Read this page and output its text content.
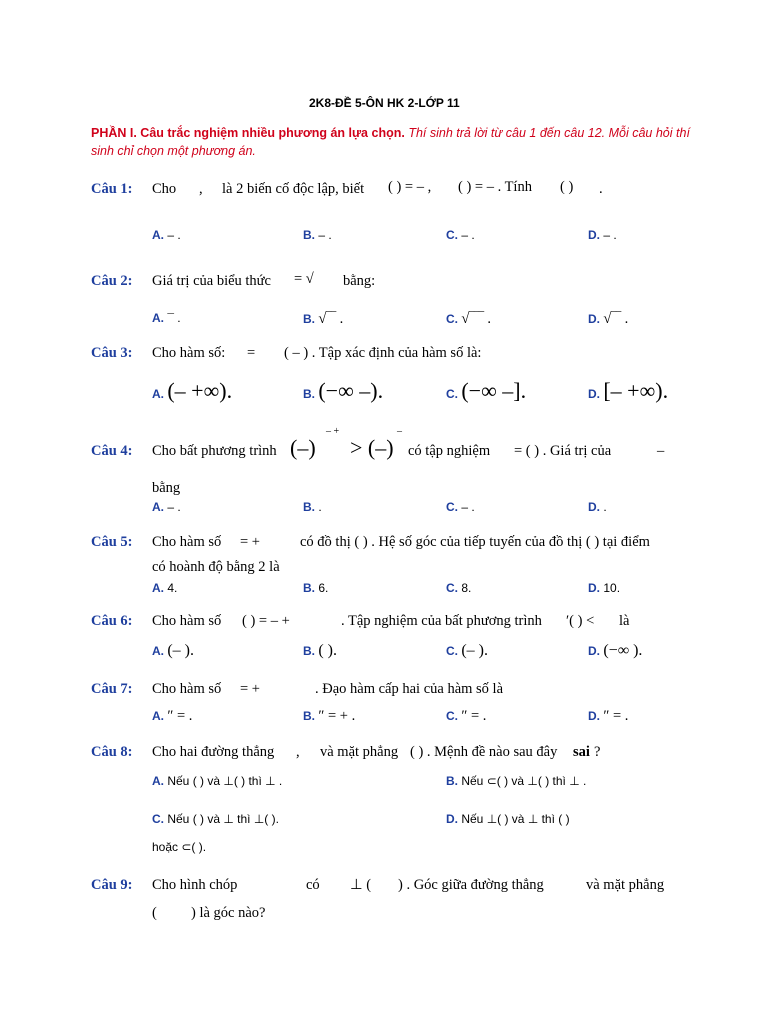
2K8-ĐỀ 5-ÔN HK 2-LỚP 11
PHẦN I. Câu trắc nghiệm nhiều phương án lựa chọn. Thí sinh trả lời từ câu 1 đến câu 12. Mỗi câu hỏi thí sinh chỉ chọn một phương án.
Câu 1: Cho , là 2 biến cố độc lập, biết ( ) = – , ( ) = – . Tính ( ) .
A. – .	B. – .	C. – .	D. – .
Câu 2: Giá trị của biểu thức = √ bằng:
A. ¯ .	B. √‾‾ .	C. √‾‾‾ .	D. √‾‾ .
Câu 3: Cho hàm số: = ( – ) . Tập xác định của hàm số là:
A. (– +∞).	B. (−∞ –).	C. (−∞ –].	D. [– +∞).
Câu 4: Cho bất phương trình (–)
– +
> (–)
–
có tập nghiệm = ( ) . Giá trị của	–
bằng
A. – .	B. .	C. – .	D. .
Câu 5: Cho hàm số = +	có đồ thị ( ) . Hệ số góc của tiếp tuyến của đồ thị ( ) tại điểm
có hoành độ bằng 2 là
A. 4.	B. 6.	C. 8.	D. 10.
Câu 6: Cho hàm số ( ) = – +	. Tập nghiệm của bất phương trình ′( ) < là
A. (– ).	B. ( ).	C. (– ).	D. (−∞ ).
Câu 7: Cho hàm số = +	. Đạo hàm cấp hai của hàm số là
A. ″ = .	B. ″ = + .	C. ″ = .	D. ″ = .
Câu 8: Cho hai đường thẳng , và mặt phẳng ( ) . Mệnh đề nào sau đây sai ?
A. Nếu ( ) và ⊥( ) thì ⊥ .	B. Nếu ⊂( ) và ⊥( ) thì ⊥ .
C. Nếu ( ) và ⊥ thì ⊥( ).	D. Nếu ⊥( ) và ⊥ thì ( )
hoặc ⊂( ).
Câu 9: Cho hình chóp	có ⊥ ( ) . Góc giữa đường thẳng	và mặt phẳng
( ) là góc nào?
